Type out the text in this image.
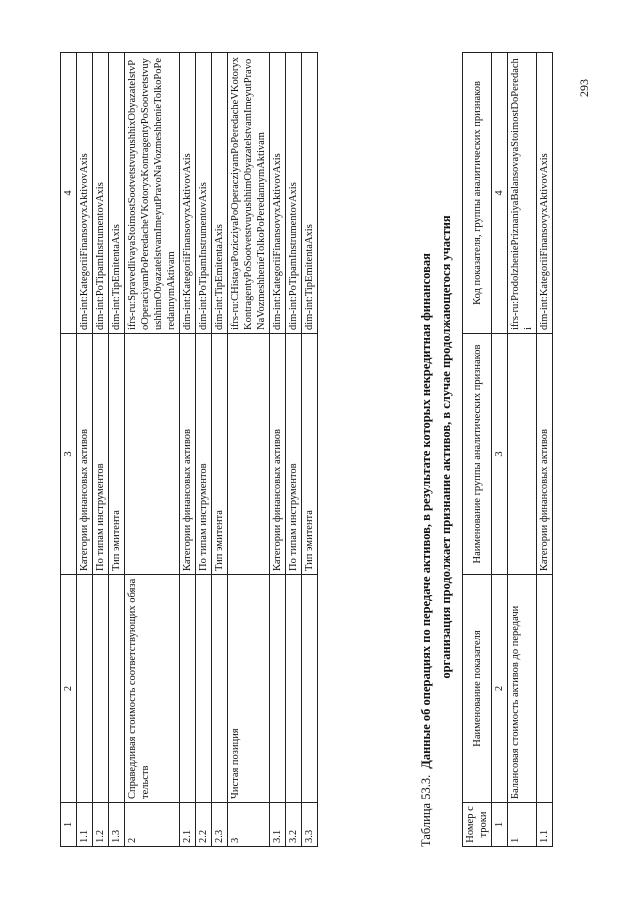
293
1	2	3	4
1.1		Категории финансовых активов	dim-int:KategoriiFinansovyxAktivovAxis
1.2		По типам инструментов	dim-int:PoTipamInstrumentovAxis
1.3		Тип эмитента	dim-int:TipEmitentaAxis
2	Справедливая стоимость соответствующих обязательств		ifrs-ru:SpravedlivayaStoimostSootvetstvuyushhixObyazatelstvPoOperaciyamPoPeredacheVKotoryxKontragentyPoSootvetstvuyushhimObyazatelstvamImeyutPravoNaVozmeshhenieTolkoPoPeredannymAktivam
2.1		Категории финансовых активов	dim-int:KategoriiFinansovyxAktivovAxis
2.2		По типам инструментов	dim-int:PoTipamInstrumentovAxis
2.3		Тип эмитента	dim-int:TipEmitentaAxis
3	Чистая позиция		ifrs-ru:CHistayaPozicziyaPoOperacziyamPoPeredacheVKotoryxKontragentyPoSootvetstvuyushhimObyazatelstvamImeyutPravoNaVozmeshhenieTolkoPoPeredannymAktivam
3.1		Категории финансовых активов	dim-int:KategoriiFinansovyxAktivovAxis
3.2		По типам инструментов	dim-int:PoTipamInstrumentovAxis
3.3		Тип эмитента	dim-int:TipEmitentaAxis
Таблица 53.3.Данные об операциях по передаче активов, в результате которых некредитная финансовая организация продолжает признание активов, в случае продолжающегося участия
Номер строки	Наименование показателя	Наименование группы аналитических признаков	Код показателя, группы аналитических признаков
1	2	3	4
1	Балансовая стоимость активов до передачи		ifrs-ru:ProdolzheniePriznaniyaBalansovayaStoimostDoPeredachi
1.1		Категории финансовых активов	dim-int:KategoriiFinansovyxAktivovAxis
